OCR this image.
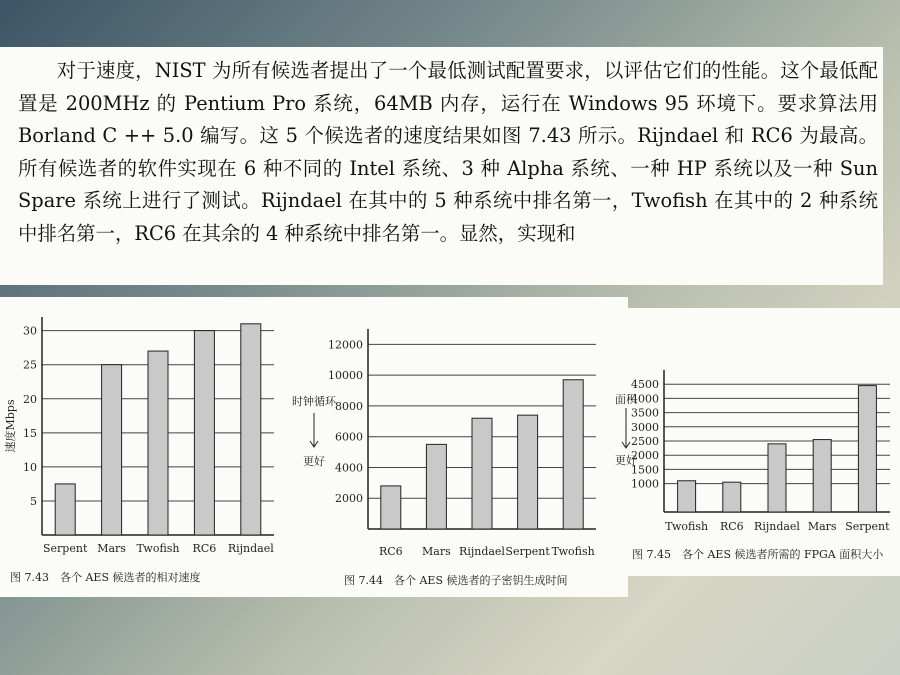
对于速度，NIST 为所有候选者提出了一个最低测试配置要求，以评估它们的性能。这个最低配置是 200MHz 的 Pentium Pro 系统，64MB 内存，运行在 Windows 95 环境下。要求算法用 Borland C ++ 5.0 编写。这 5 个候选者的速度结果如图 7.43 所示。Rijndael 和 RC6 为最高。所有候选者的软件实现在 6 种不同的 Intel 系统、3 种 Alpha 系统、一种 HP 系统以及一种 Sun Spare 系统上进行了测试。Rijndael 在其中的 5 种系统中排名第一，Twofish 在其中的 2 种系统中排名第一，RC6 在其余的 4 种系统中排名第一。显然，实现和
5
10
15
20
25
30
Serpent Mars Twofish RC6 Rijndael
速度Mbps
图 7.43　各个 AES 候选者的相对速度
2000
4000
6000
8000
10000
12000
RC6 Mars Rijndael Serpent Twofish
时钟循环
更好
图 7.44　各个 AES 候选者的子密钥生成时间
1000
1500
2000
2500
3000
3500
4000
4500
Twofish RC6 Rijndael Mars Serpent
面积
更好
图 7.45　各个 AES 候选者所需的 FPGA 面积大小
